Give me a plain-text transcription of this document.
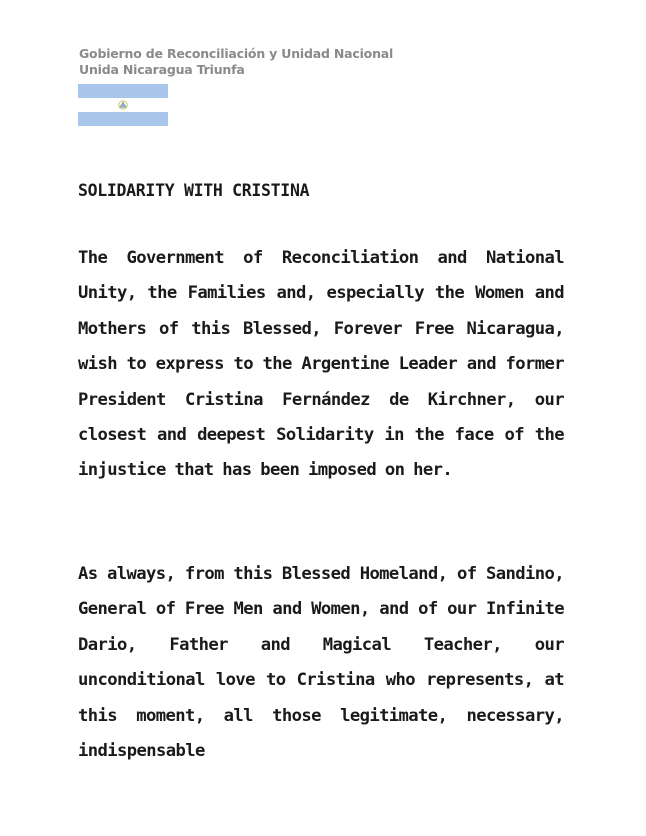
Gobierno de Reconciliación y Unidad Nacional
Unida Nicaragua Triunfa
SOLIDARITY WITH CRISTINA
The Government of Reconciliation and National Unity, the Families and, especially the Women and Mothers of this Blessed, Forever Free Nicaragua, wish to express to the Argentine Leader and former President Cristina Fernández de Kirchner, our closest and deepest Solidarity in the face of the injustice that has been imposed on her.
As always, from this Blessed Homeland, of Sandino, General of Free Men and Women, and of our Infinite Dario, Father and Magical Teacher, our unconditional love to Cristina who represents, at this moment, all those legitimate, necessary, indispensable
